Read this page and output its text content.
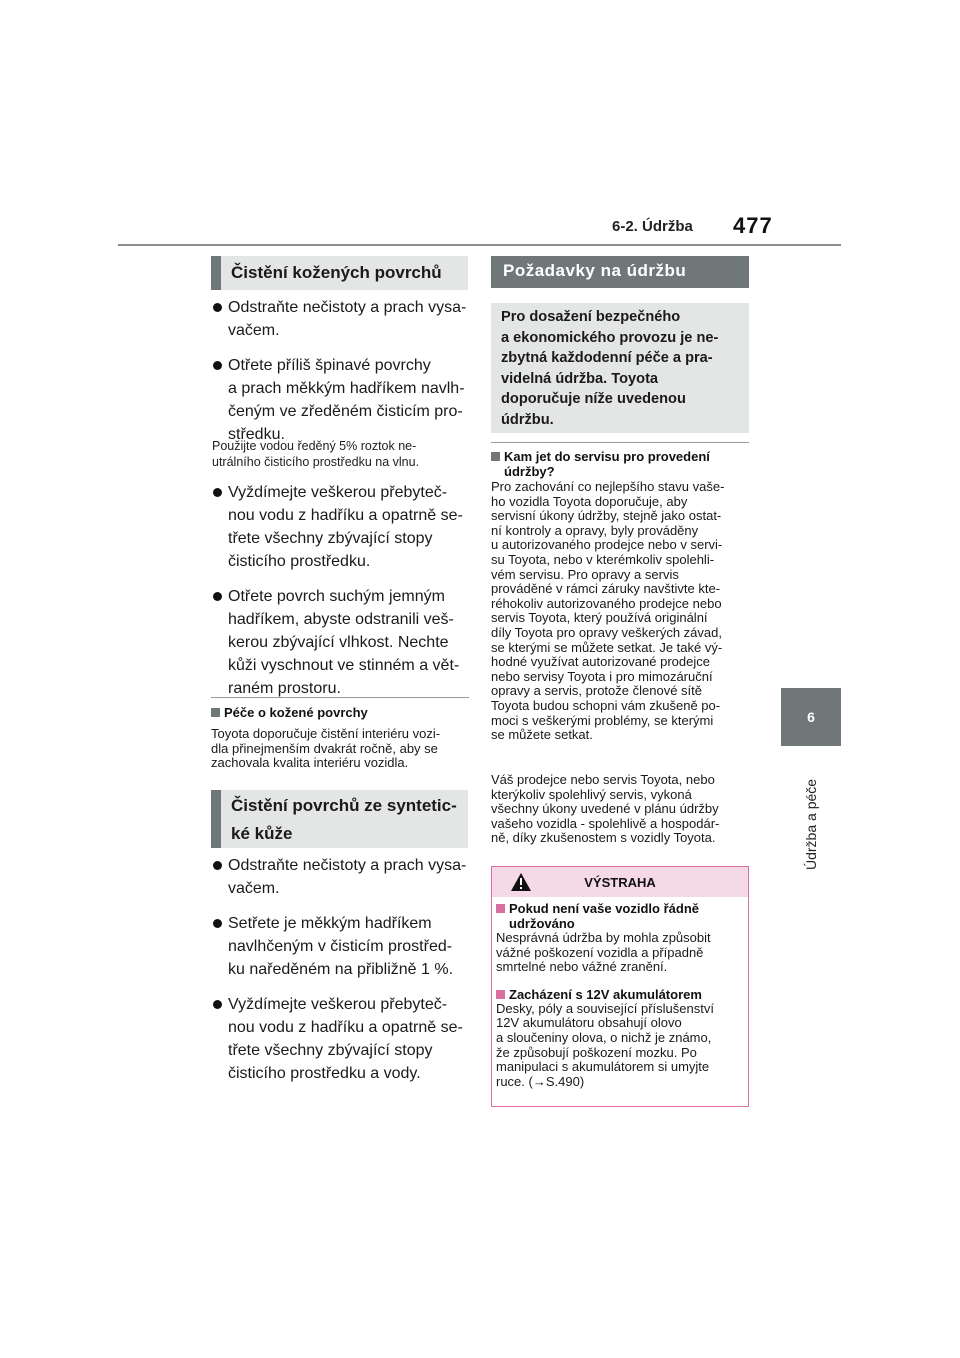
6-2. Údržba 477
6
Údržba a péče
Čistění kožených povrchů
Odstraňte nečistoty a prach vysa-
vačem.
Otřete příliš špinavé povrchy
a prach měkkým hadříkem navlh-
čeným ve zředěném čisticím pro-
středku.
Použijte vodou ředěný 5% roztok ne-
utrálního čisticího prostředku na vlnu.
Vyždímejte veškerou přebyteč-
nou vodu z hadříku a opatrně se-
třete všechny zbývající stopy
čisticího prostředku.
Otřete povrch suchým jemným
hadříkem, abyste odstranili veš-
kerou zbývající vlhkost. Nechte
kůži vyschnout ve stinném a vět-
raném prostoru.
Péče o kožené povrchy
Toyota doporučuje čistění interiéru vozi-
dla přinejmenším dvakrát ročně, aby se
zachovala kvalita interiéru vozidla.
Čistění povrchů ze syntetic-
ké kůže
Odstraňte nečistoty a prach vysa-
vačem.
Setřete je měkkým hadříkem
navlhčeným v čisticím prostřed-
ku naředěném na přibližně 1 %.
Vyždímejte veškerou přebyteč-
nou vodu z hadříku a opatrně se-
třete všechny zbývající stopy
čisticího prostředku a vody.
Požadavky na údržbu
Pro dosažení bezpečného
a ekonomického provozu je ne-
zbytná každodenní péče a pra-
videlná údržba. Toyota
doporučuje níže uvedenou
údržbu.
Kam jet do servisu pro provedení
údržby?
Pro zachování co nejlepšího stavu vaše-
ho vozidla Toyota doporučuje, aby
servisní úkony údržby, stejně jako ostat-
ní kontroly a opravy, byly prováděny
u autorizovaného prodejce nebo v servi-
su Toyota, nebo v kterémkoliv spolehli-
vém servisu. Pro opravy a servis
prováděné v rámci záruky navštivte kte-
réhokoliv autorizovaného prodejce nebo
servis Toyota, který používá originální
díly Toyota pro opravy veškerých závad,
se kterými se můžete setkat. Je také vý-
hodné využívat autorizované prodejce
nebo servisy Toyota i pro mimozáruční
opravy a servis, protože členové sítě
Toyota budou schopni vám zkušeně po-
moci s veškerými problémy, se kterými
se můžete setkat.
Váš prodejce nebo servis Toyota, nebo
kterýkoliv spolehlivý servis, vykoná
všechny úkony uvedené v plánu údržby
vašeho vozidla - spolehlivě a hospodár-
ně, díky zkušenostem s vozidly Toyota.
VÝSTRAHA
Pokud není vaše vozidlo řádně
udržováno
Nesprávná údržba by mohla způsobit
vážné poškození vozidla a případně
smrtelné nebo vážné zranění.
Zacházení s 12V akumulátorem
Desky, póly a související příslušenství
12V akumulátoru obsahují olovo
a sloučeniny olova, o nichž je známo,
že způsobují poškození mozku. Po
manipulaci s akumulátorem si umyjte
ruce. (→S.490)
